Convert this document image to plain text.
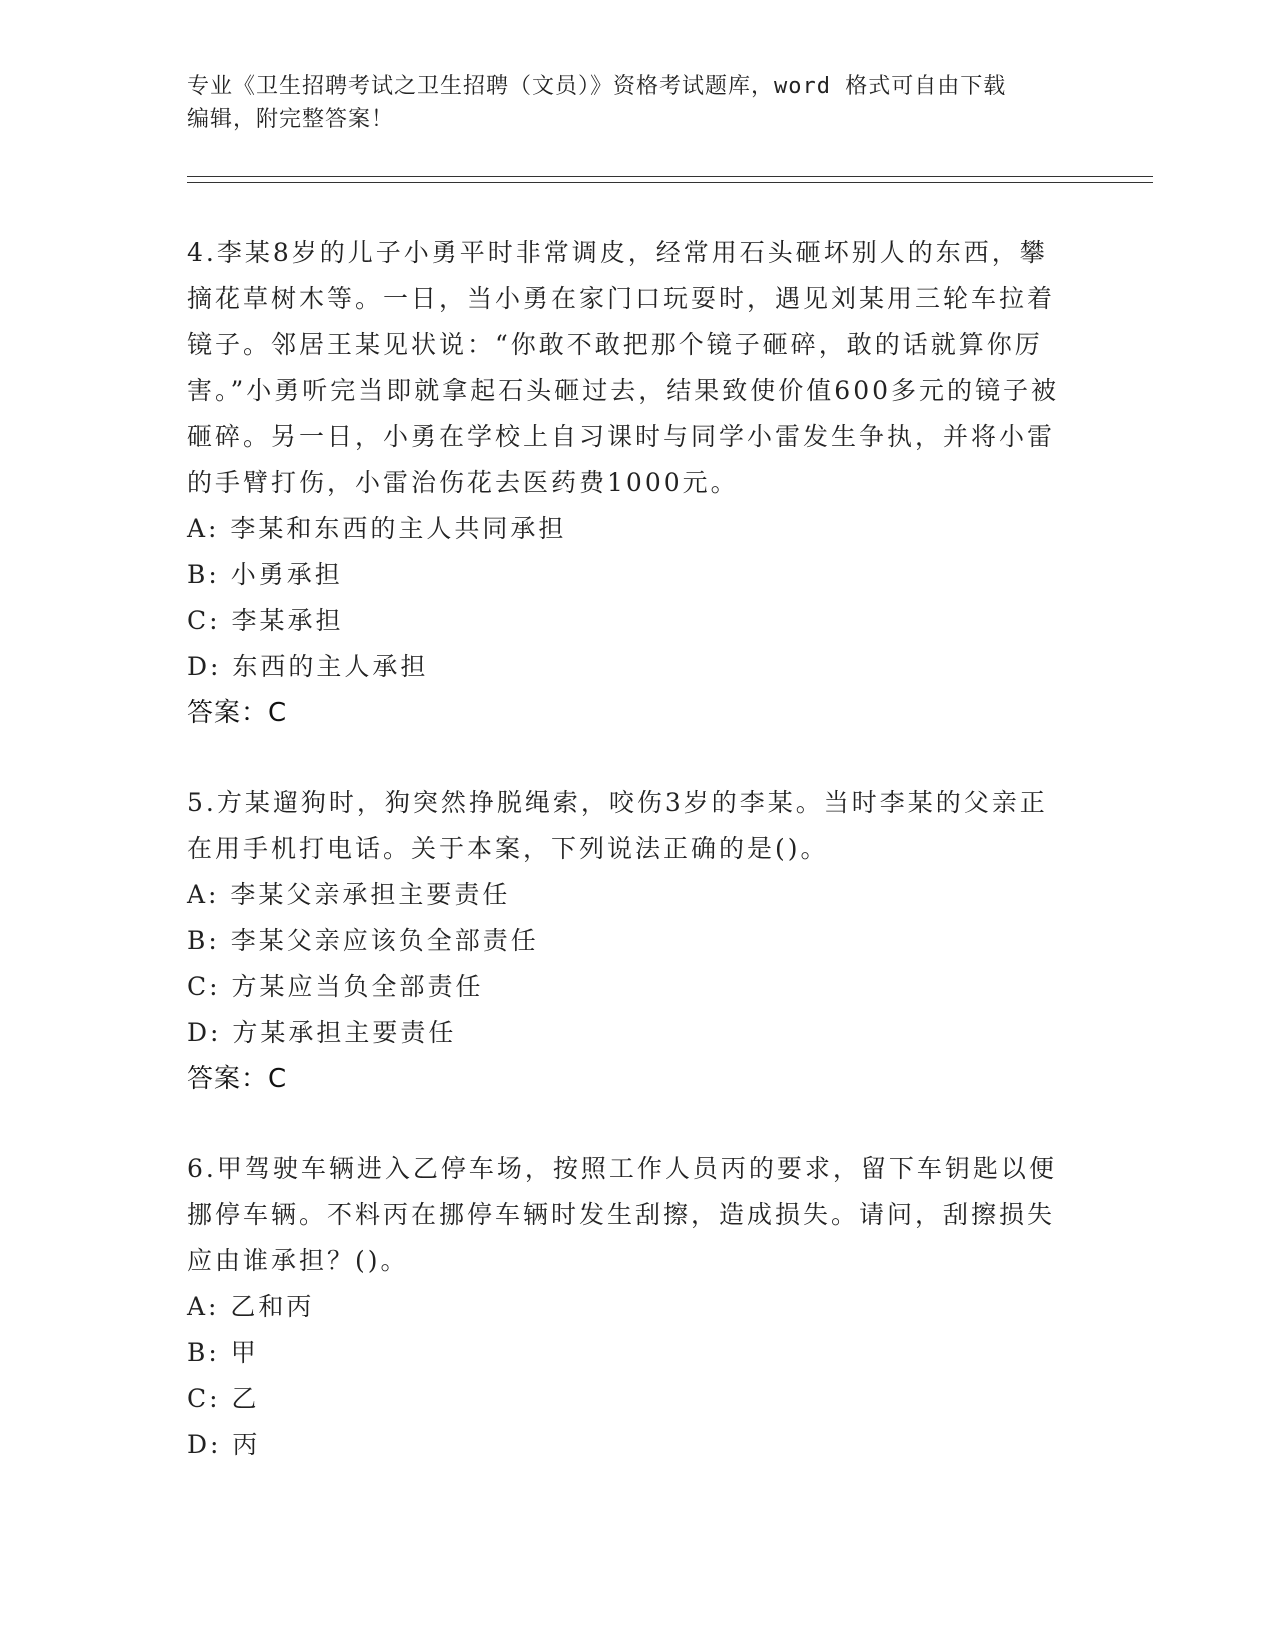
专业《卫生招聘考试之卫生招聘（文员）》资格考试题库，word 格式可自由下载
编辑，附完整答案！

4.李某8岁的儿子小勇平时非常调皮，经常用石头砸坏别人的东西，攀摘花草树木等。一日，当小勇在家门口玩耍时，遇见刘某用三轮车拉着镜子。邻居王某见状说：“你敢不敢把那个镜子砸碎，敢的话就算你厉害。”小勇听完当即就拿起石头砸过去，结果致使价值600多元的镜子被砸碎。另一日，小勇在学校上自习课时与同学小雷发生争执，并将小雷的手臂打伤，小雷治伤花去医药费1000元。

A: 李某和东西的主人共同承担

B: 小勇承担

C: 李某承担

D: 东西的主人承担

答案：C

5.方某遛狗时，狗突然挣脱绳索，咬伤3岁的李某。当时李某的父亲正在用手机打电话。关于本案，下列说法正确的是()。

A: 李某父亲承担主要责任

B: 李某父亲应该负全部责任

C: 方某应当负全部责任

D: 方某承担主要责任

答案：C

6.甲驾驶车辆进入乙停车场，按照工作人员丙的要求，留下车钥匙以便挪停车辆。不料丙在挪停车辆时发生刮擦，造成损失。请问，刮擦损失应由谁承担？()。

A: 乙和丙

B: 甲

C: 乙

D: 丙
